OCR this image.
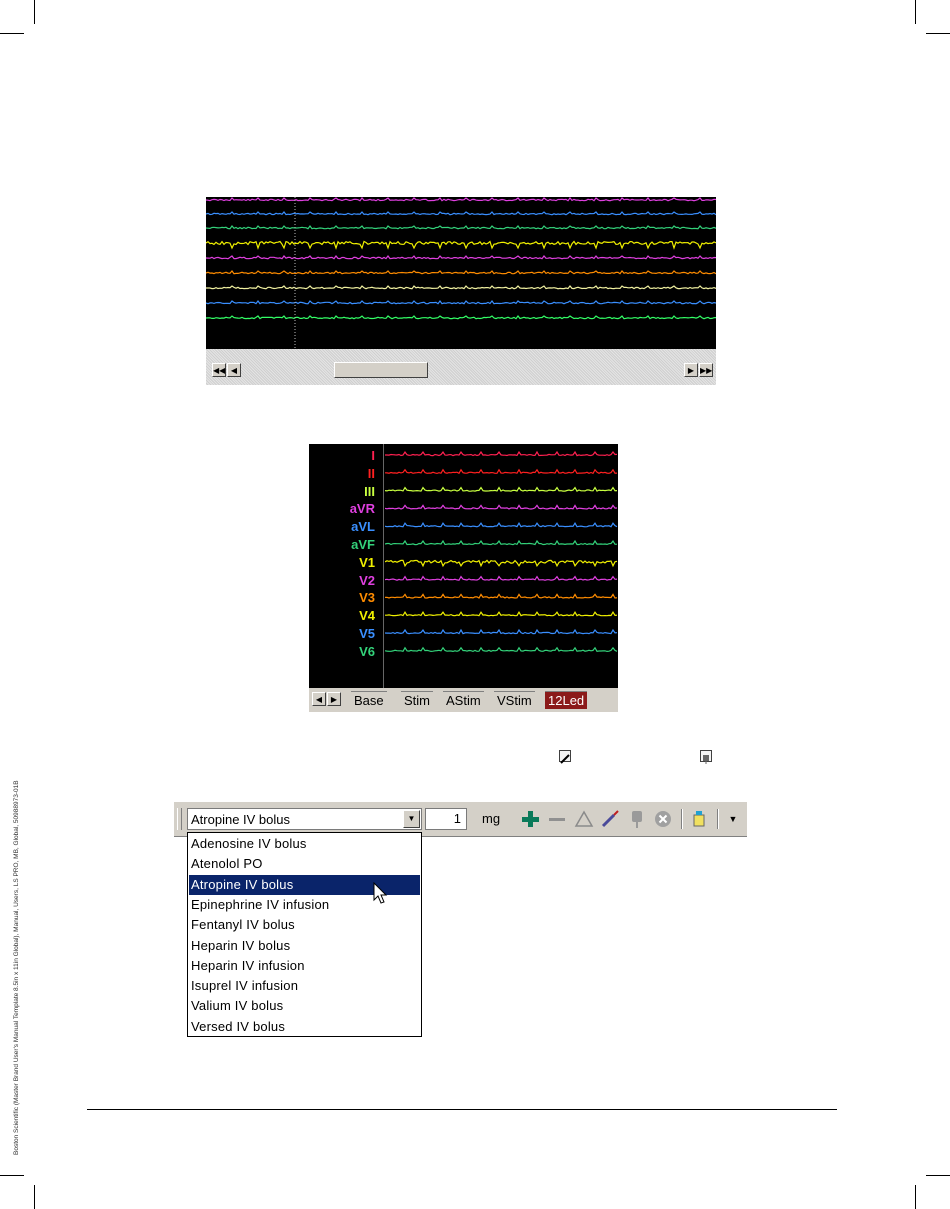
Boston Scientific (Master Brand User's Manual Template 8.5in x 11in Global), Manual, Users, LS PRO, MB, Global, 50988973-01B
◀◀ ◀	▶ ▶▶
I
II
III
aVR
aVL
aVF
V1
V2
V3
V4
V5
V6
◀	▶	Base Stim AStim VStim 12Led
Atropine IV bolus	▼	1	mg	▼
Adenosine IV bolus
Atenolol PO
Atropine IV bolus
Epinephrine IV infusion
Fentanyl IV bolus
Heparin IV bolus
Heparin IV infusion
Isuprel IV infusion
Valium IV bolus
Versed IV bolus
